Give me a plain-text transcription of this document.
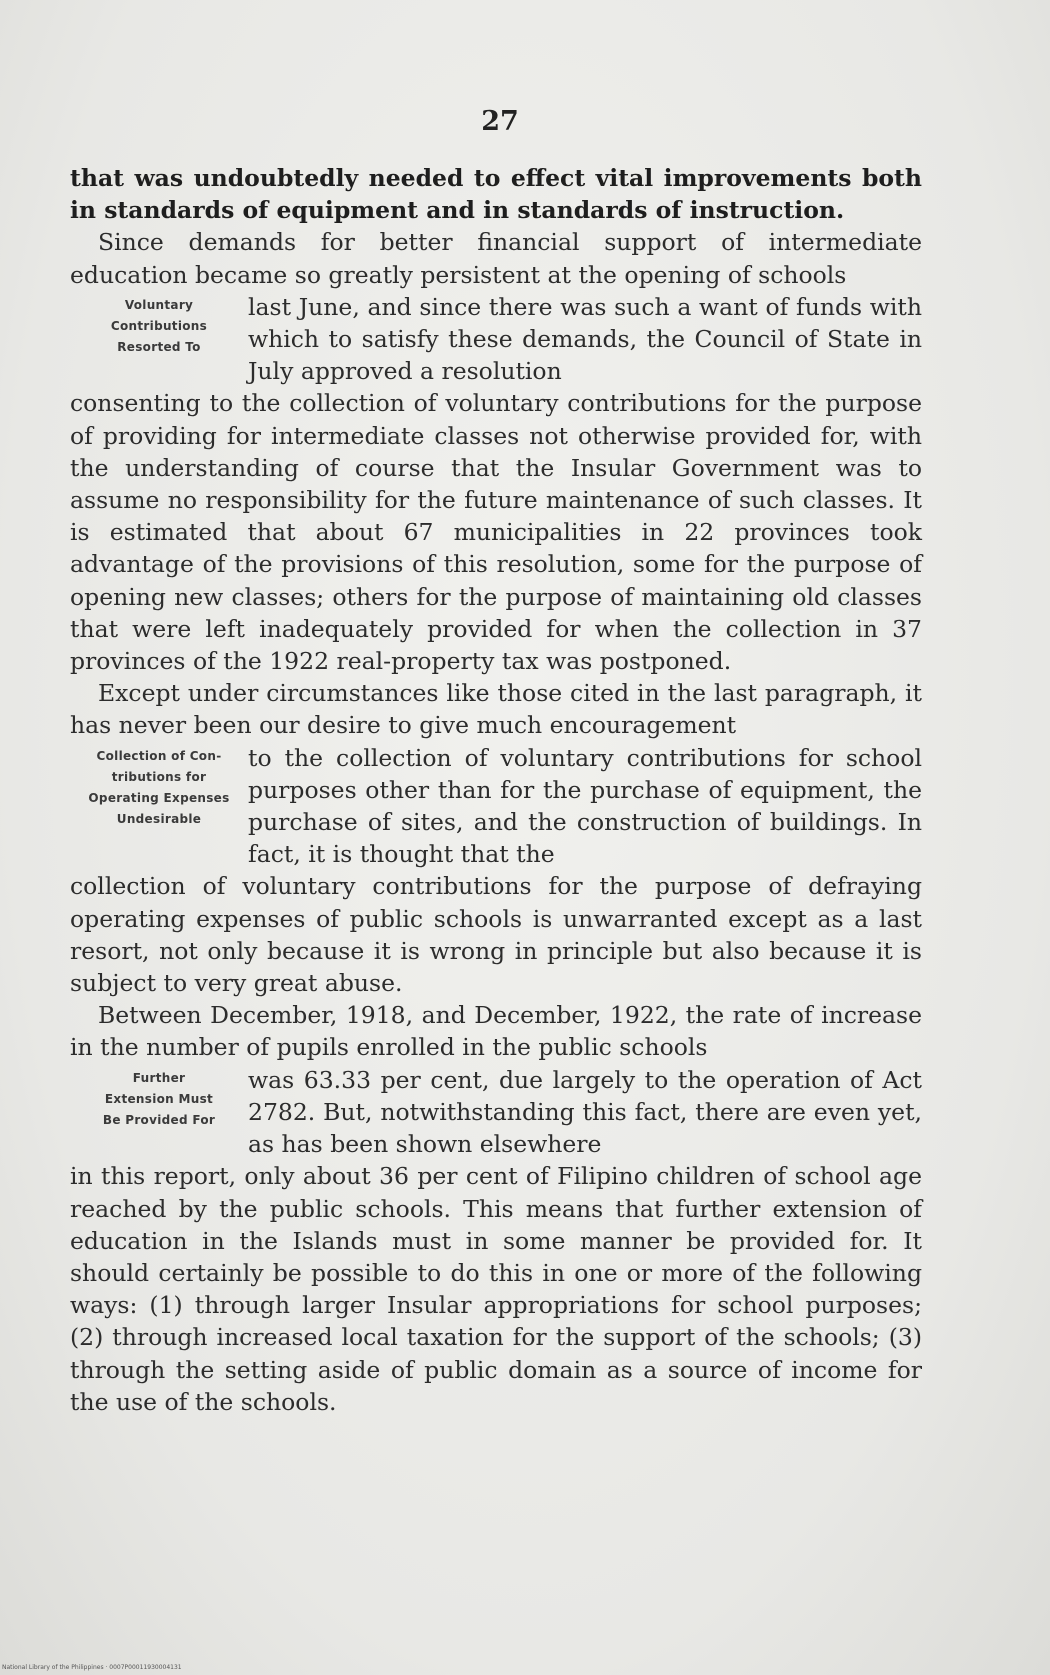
27

that was undoubtedly needed to effect vital improvements both in standards of equipment and in standards of instruction.

Since demands for better financial support of intermediate education became so greatly persistent at the opening of schools

Voluntary
Contributions
Resorted To

last June, and since there was such a want of funds with which to satisfy these demands, the Council of State in July approved a resolution

consenting to the collection of voluntary contributions for the purpose of providing for intermediate classes not otherwise provided for, with the understanding of course that the Insular Government was to assume no responsibility for the future maintenance of such classes. It is estimated that about 67 municipalities in 22 provinces took advantage of the provisions of this resolution, some for the purpose of opening new classes; others for the purpose of maintaining old classes that were left inadequately provided for when the collection in 37 provinces of the 1922 real-property tax was postponed.

Except under circumstances like those cited in the last paragraph, it has never been our desire to give much encouragement

Collection of Con-
tributions for
Operating Expenses
Undesirable

to the collection of voluntary contributions for school purposes other than for the purchase of equipment, the purchase of sites, and the construction of buildings. In fact, it is thought that the

collection of voluntary contributions for the purpose of defraying operating expenses of public schools is unwarranted except as a last resort, not only because it is wrong in principle but also because it is subject to very great abuse.

Between December, 1918, and December, 1922, the rate of increase in the number of pupils enrolled in the public schools

Further
Extension Must
Be Provided For

was 63.33 per cent, due largely to the operation of Act 2782. But, notwithstanding this fact, there are even yet, as has been shown elsewhere

in this report, only about 36 per cent of Filipino children of school age reached by the public schools. This means that further extension of education in the Islands must in some manner be provided for. It should certainly be possible to do this in one or more of the following ways: (1) through larger Insular appropriations for school purposes; (2) through increased local taxation for the support of the schools; (3) through the setting aside of public domain as a source of income for the use of the schools.

National Library of the Philippines · 0007P00011930004131
